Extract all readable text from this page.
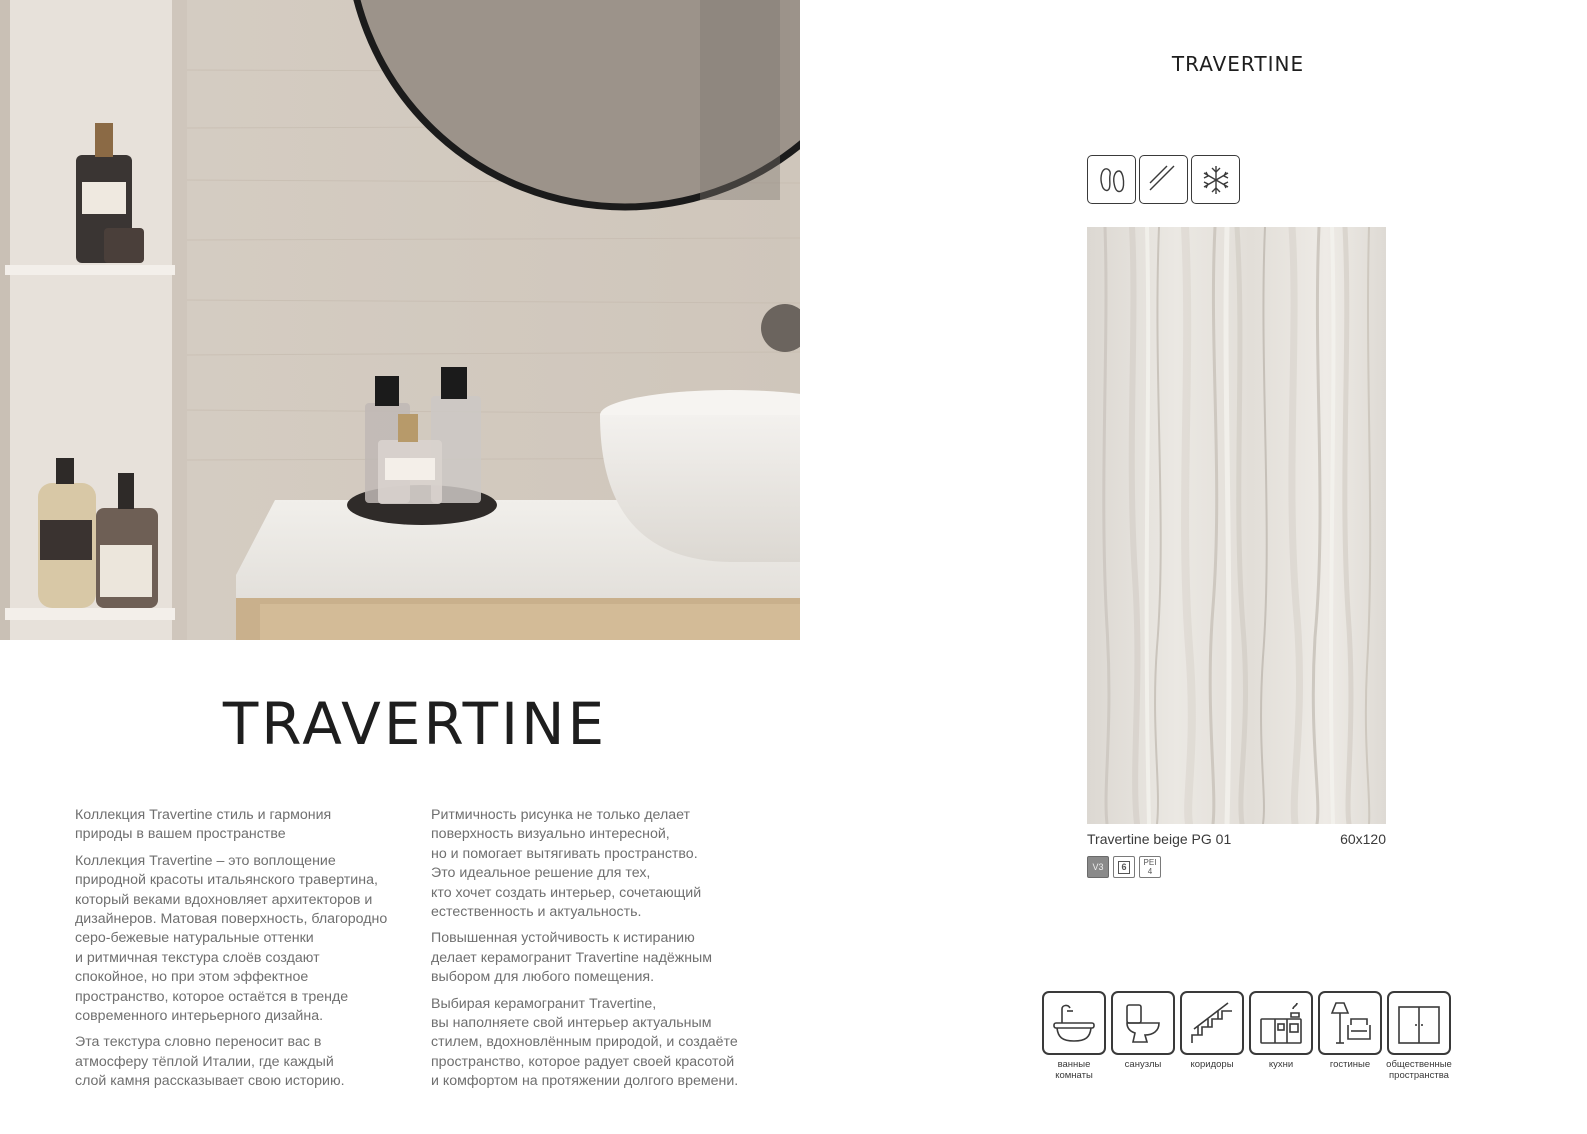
TRAVERTINE

Коллекция Travertine стиль и гармония
природы в вашем пространстве

Коллекция Travertine – это воплощение
природной красоты итальянского травертина,
который веками вдохновляет архитекторов и
дизайнеров. Матовая поверхность, благородно
серо-бежевые натуральные оттенки
и ритмичная текстура слоёв создают
спокойное, но при этом эффектное
пространство, которое остаётся в тренде
современного интерьерного дизайна.

Эта текстура словно переносит вас в
атмосферу тёплой Италии, где каждый
слой камня рассказывает свою историю.

Ритмичность рисунка не только делает
поверхность визуально интересной,
но и помогает вытягивать пространство.
Это идеальное решение для тех,
кто хочет создать интерьер, сочетающий
естественность и актуальность.

Повышенная устойчивость к истиранию
делает керамогранит Travertine надёжным
выбором для любого помещения.

Выбирая керамогранит Travertine,
вы наполняете свой интерьер актуальным
стилем, вдохновлённым природой, и создаёте
пространство, которое радует своей красотой
и комфортом на протяжении долгого времени.

TRAVERTINE
Travertine beige PG 01	60x120
V3	6	PEI
4
ванные
комнаты
санузлы	коридоры	кухни	гостиные	общественные
пространства
